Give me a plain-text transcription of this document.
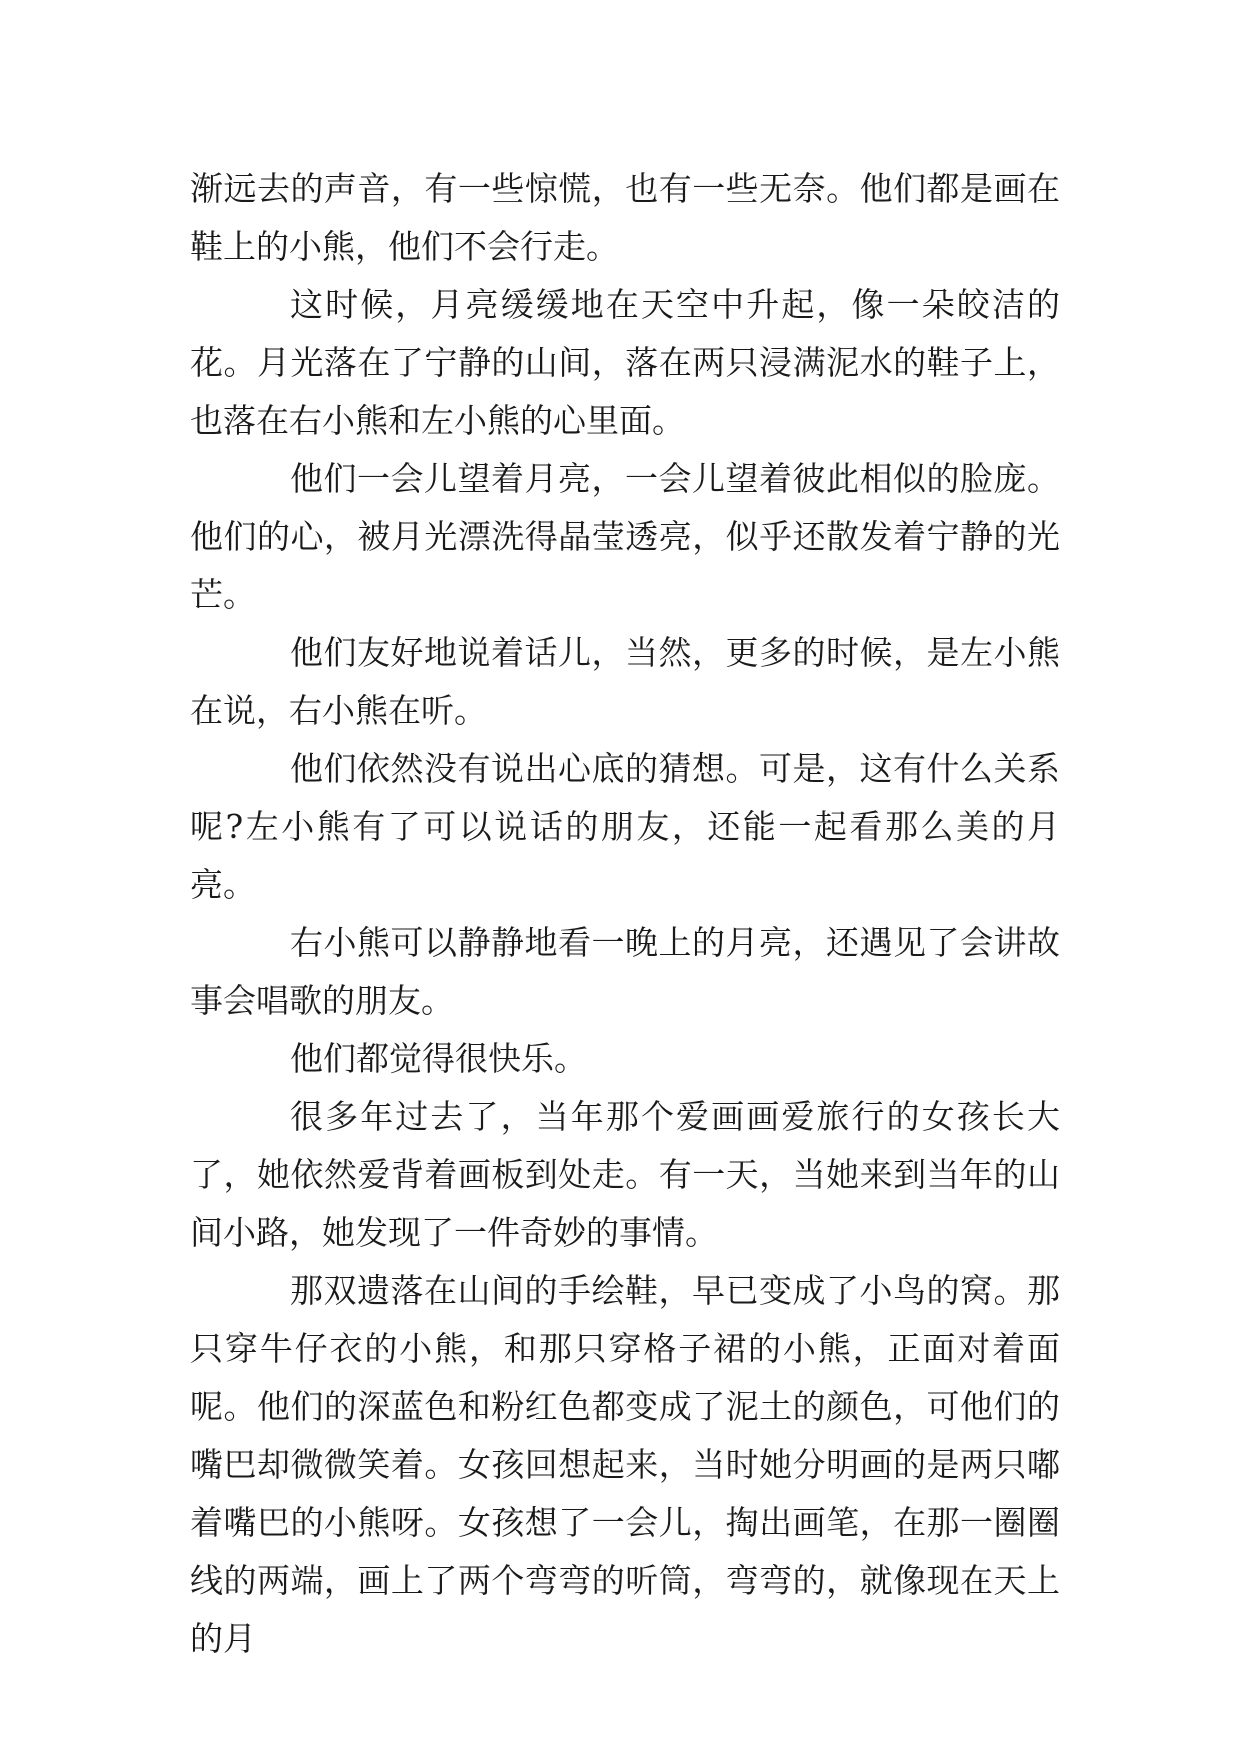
渐远去的声音，有一些惊慌，也有一些无奈。他们都是画在鞋上的小熊，他们不会行走。

这时候，月亮缓缓地在天空中升起，像一朵皎洁的花。月光落在了宁静的山间，落在两只浸满泥水的鞋子上，也落在右小熊和左小熊的心里面。

他们一会儿望着月亮，一会儿望着彼此相似的脸庞。他们的心，被月光漂洗得晶莹透亮，似乎还散发着宁静的光芒。

他们友好地说着话儿，当然，更多的时候，是左小熊在说，右小熊在听。

他们依然没有说出心底的猜想。可是，这有什么关系呢?左小熊有了可以说话的朋友，还能一起看那么美的月亮。

右小熊可以静静地看一晚上的月亮，还遇见了会讲故事会唱歌的朋友。

他们都觉得很快乐。

很多年过去了，当年那个爱画画爱旅行的女孩长大了，她依然爱背着画板到处走。有一天，当她来到当年的山间小路，她发现了一件奇妙的事情。

那双遗落在山间的手绘鞋，早已变成了小鸟的窝。那只穿牛仔衣的小熊，和那只穿格子裙的小熊，正面对着面呢。他们的深蓝色和粉红色都变成了泥土的颜色，可他们的嘴巴却微微笑着。女孩回想起来，当时她分明画的是两只嘟着嘴巴的小熊呀。女孩想了一会儿，掏出画笔，在那一圈圈线的两端，画上了两个弯弯的听筒，弯弯的，就像现在天上的月
